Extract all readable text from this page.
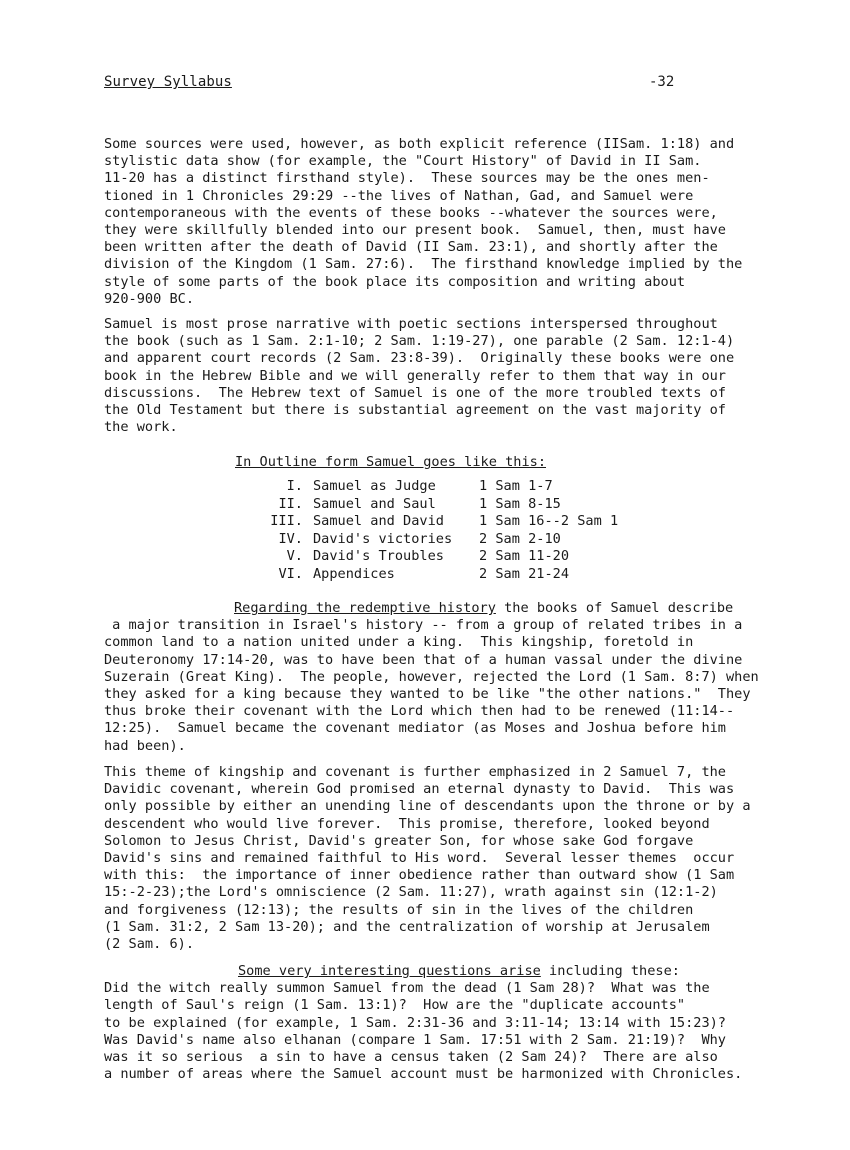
Survey Syllabus	-32

Some sources were used, however, as both explicit reference (IISam. 1:18) and
stylistic data show (for example, the "Court History" of David in II Sam.
11-20 has a distinct firsthand style).  These sources may be the ones men-
tioned in 1 Chronicles 29:29 --the lives of Nathan, Gad, and Samuel were
contemporaneous with the events of these books --whatever the sources were,
they were skillfully blended into our present book.  Samuel, then, must have
been written after the death of David (II Sam. 23:1), and shortly after the
division of the Kingdom (1 Sam. 27:6).  The firsthand knowledge implied by the
style of some parts of the book place its composition and writing about
920-900 BC.

Samuel is most prose narrative with poetic sections interspersed throughout
the book (such as 1 Sam. 2:1-10; 2 Sam. 1:19-27), one parable (2 Sam. 12:1-4)
and apparent court records (2 Sam. 23:8-39).  Originally these books were one
book in the Hebrew Bible and we will generally refer to them that way in our
discussions.  The Hebrew text of Samuel is one of the more troubled texts of
the Old Testament but there is substantial agreement on the vast majority of
the work.

In Outline form Samuel goes like this:
I.	Samuel as Judge	1 Sam 1-7
II.	Samuel and Saul	1 Sam 8-15
III.	Samuel and David	1 Sam 16--2 Sam 1
IV.	David's victories	2 Sam 2-10
V.	David's Troubles	2 Sam 11-20
VI.	Appendices	2 Sam 21-24

Regarding the redemptive history the books of Samuel describe
a major transition in Israel's history -- from a group of related tribes in a
common land to a nation united under a king.  This kingship, foretold in
Deuteronomy 17:14-20, was to have been that of a human vassal under the divine
Suzerain (Great King).  The people, however, rejected the Lord (1 Sam. 8:7) when
they asked for a king because they wanted to be like "the other nations."  They
thus broke their covenant with the Lord which then had to be renewed (11:14--
12:25).  Samuel became the covenant mediator (as Moses and Joshua before him
had been).

This theme of kingship and covenant is further emphasized in 2 Samuel 7, the
Davidic covenant, wherein God promised an eternal dynasty to David.  This was
only possible by either an unending line of descendants upon the throne or by a
descendent who would live forever.  This promise, therefore, looked beyond
Solomon to Jesus Christ, David's greater Son, for whose sake God forgave
David's sins and remained faithful to His word.  Several lesser themes  occur
with this:  the importance of inner obedience rather than outward show (1 Sam
15:-2-23);the Lord's omniscience (2 Sam. 11:27), wrath against sin (12:1-2)
and forgiveness (12:13); the results of sin in the lives of the children
(1 Sam. 31:2, 2 Sam 13-20); and the centralization of worship at Jerusalem
(2 Sam. 6).

Some very interesting questions arise including these:
Did the witch really summon Samuel from the dead (1 Sam 28)?  What was the
length of Saul's reign (1 Sam. 13:1)?  How are the "duplicate accounts"
to be explained (for example, 1 Sam. 2:31-36 and 3:11-14; 13:14 with 15:23)?
Was David's name also elhanan (compare 1 Sam. 17:51 with 2 Sam. 21:19)?  Why
was it so serious  a sin to have a census taken (2 Sam 24)?  There are also
a number of areas where the Samuel account must be harmonized with Chronicles.
